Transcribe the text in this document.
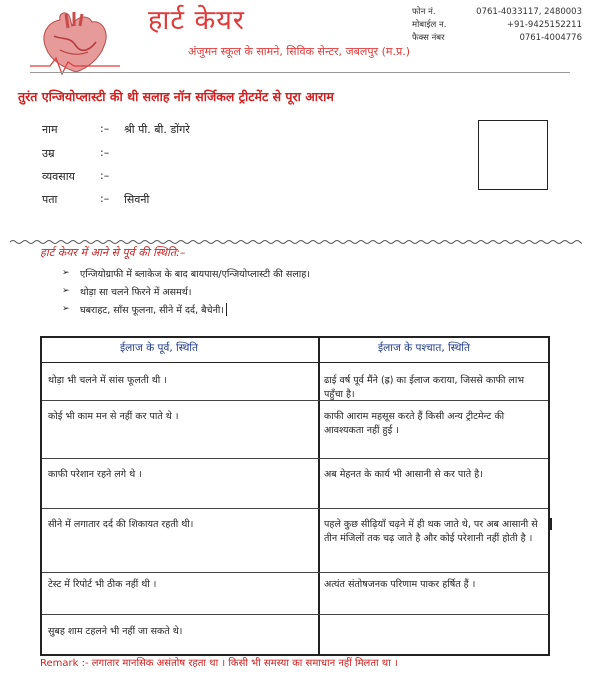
हार्ट केयर
अंजुमन स्कूल के सामने, सिविक सेन्टर, जबलपुर (म.प्र.)
फोन नं.	0761-4033117, 2480003
मोबाईल न.	+91-9425152211
फैक्स नंबर	0761-4004776
तुरंत एन्जियोप्लास्टी की थी सलाह नॉन सर्जिकल ट्रीटमेंट से पूरा आराम
नाम	:– श्री पी. बी. डोंगरे
उम्र	:–
व्यवसाय :–
पता	:– सिवनी
हार्ट केयर में आने से पूर्व की स्थिति:–
➢	एन्जियोग्राफी में ब्लाकेज के बाद बायपास/एन्जियोप्लास्टी की सलाह।
➢	थोड़ा सा चलने फिरने में असमर्थ।
➢	घबराहट, साँस फूलना, सीने में दर्द, बैचेनी।
ईलाज के पूर्व, स्थिति	ईलाज के पश्चात, स्थिति
थोड़ा भी चलने में सांस फूलती थी ।	ढाई वर्ष पूर्व मैंने (ह्र) का ईलाज कराया, जिससे काफी लाभ पहुँचा है।
कोई भी काम मन से नहीं कर पाते थे ।	काफी आराम महसूस करते हैं किसी अन्य ट्रीटमेन्ट की आवश्यकता नहीं हुई ।
काफी परेशान रहने लगे थे ।	अब मेहनत के कार्य भी आसानी से कर पाते है।
सीने में लगातार दर्द की शिकायत रहती थी।	पहले कुछ सीढ़ियाँ चढ़ने में ही थक जाते थे, पर अब आसानी से तीन मंजिलों तक चढ़ जाते है और कोई परेशानी नहीं होती है ।
टेस्ट में रिपोर्ट भी ठीक नहीं थी ।	अत्यंत संतोषजनक परिणाम पाकर हर्षित हैं ।
सुबह शाम टहलने भी नहीं जा सकते थे।
Remark :- लगातार मानसिक असंतोष रहता था । किसी भी समस्या का समाधान नहीं मिलता था ।
